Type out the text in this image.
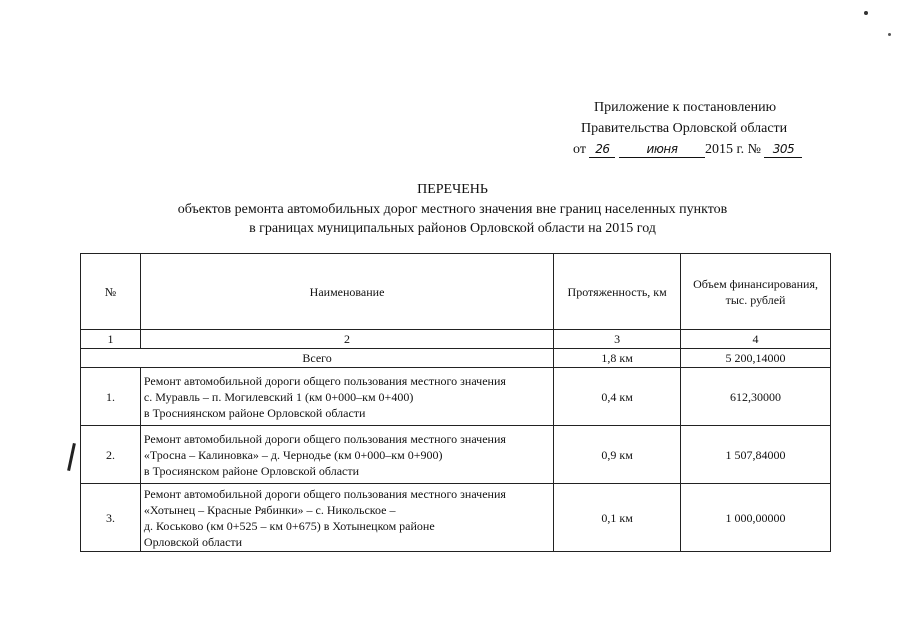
Приложение к постановлению
Правительства Орловской области
от 26	июня 2015 г. № 305
ПЕРЕЧЕНЬ
объектов ремонта автомобильных дорог местного значения вне границ населенных пунктов
в границах муниципальных районов Орловской области на 2015 год
№	Наименование	Протяженность, км	Объем финансирования, тыс. рублей
1	2	3	4
Всего		1,8 км	5 200,14000
1.	Ремонт автомобильной дороги общего пользования местного значения
с. Муравль – п. Могилевский 1 (км 0+000–км 0+400)
в Тросниянском районе Орловской области	0,4 км	612,30000
2.	Ремонт автомобильной дороги общего пользования местного значения
«Тросна – Калиновка» – д. Чернодье (км 0+000–км 0+900)
в Тросиянском районе Орловской области	0,9 км	1 507,84000
3.	Ремонт автомобильной дороги общего пользования местного значения
«Хотынец – Красные Рябинки» – с. Никольское –
д. Коськово (км 0+525 – км 0+675) в Хотынецком районе
Орловской области	0,1 км	1 000,00000
